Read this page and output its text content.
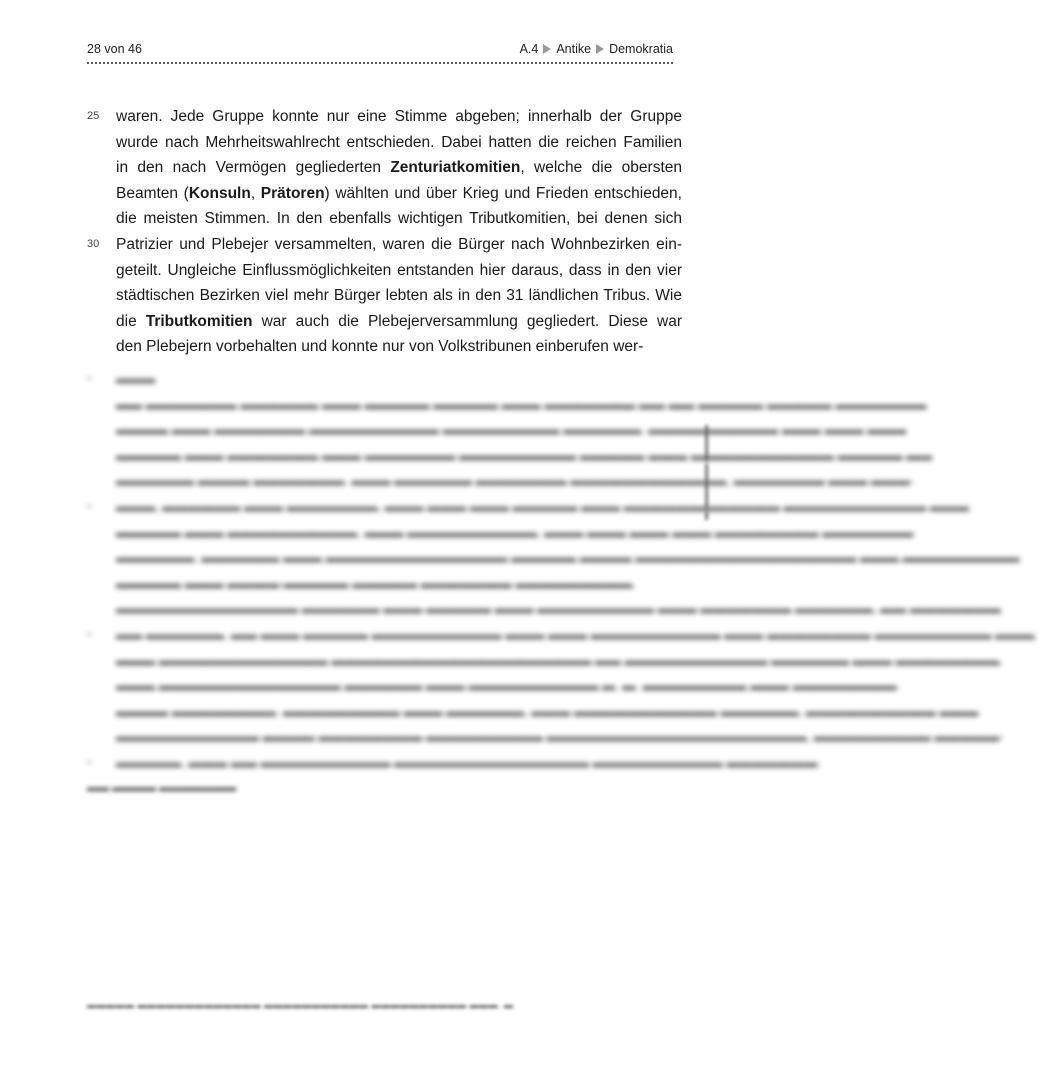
28 von 46	A.4 Antike Demokratia
25 waren. Jede Gruppe konnte nur eine Stimme abgeben; innerhalb der Gruppe
wurde nach Mehrheitswahlrecht entschieden. Dabei hatten die reichen Familien
in den nach Vermögen gegliederten Zenturiatkomitien, welche die obersten
Beamten (Konsuln, Prätoren) wählten und über Krieg und Frieden entschieden,
die meisten Stimmen. In den ebenfalls wichtigen Tributkomitien, bei denen sich
30 Patrizier und Plebejer versammelten, waren die Bürger nach Wohnbezirken ein-
geteilt. Ungleiche Einflussmöglichkeiten entstanden hier daraus, dass in den vier
städtischen Bezirken viel mehr Bürger lebten als in den 31 ländlichen Tribus. Wie
die Tributkomitien war auch die Plebejerversammlung gegliedert. Diese war
den Plebejern vorbehalten und konnte nur von Volkstribunen einberufen wer-
▪ ▬▬▬
▬▬ ▬▬▬▬▬▬▬ ▬▬▬▬▬▬ ▬▬▬ ▬▬▬▬▬ ▬▬▬▬▬ ▬▬▬ ▬▬▬▬▬▬▬ ▬▬ ▬▬ ▬▬▬▬▬ ▬▬▬▬▬ ▬▬▬▬▬▬▬
▬▬▬▬ ▬▬▬ ▬▬▬▬▬▬▬ ▬▬▬▬▬▬▬▬▬▬ ▬▬▬▬▬▬▬▬▬ ▬▬▬▬▬▬. ▬▬▬▬▬▬▬▬▬▬ ▬▬▬ ▬▬▬ ▬▬▬
▬▬▬▬▬ ▬▬▬ ▬▬▬▬▬▬▬ ▬▬▬ ▬▬▬▬▬▬▬ ▬▬▬▬▬▬▬▬▬ ▬▬▬▬▬ ▬▬▬ ▬▬▬▬▬▬▬▬▬▬▬ ▬▬▬▬▬ ▬▬
▬▬▬▬▬▬ ▬▬▬▬ ▬▬▬▬▬▬▬. ▬▬▬ ▬▬▬▬▬▬ ▬▬▬▬▬▬▬ ▬▬▬▬▬▬▬▬▬▬▬▬, ▬▬▬▬▬▬▬ ▬▬▬ ▬▬▬-
▪ ▬▬▬, ▬▬▬▬▬▬ ▬▬▬ ▬▬▬▬▬▬▬, ▬▬▬ ▬▬▬ ▬▬▬ ▬▬▬▬▬ ▬▬▬ ▬▬▬▬▬▬▬▬▬▬▬▬ ▬▬▬▬▬▬▬▬▬▬▬ ▬▬▬
▬▬▬▬▬ ▬▬▬ ▬▬▬▬▬▬▬▬▬▬. ▬▬▬ ▬▬▬▬▬▬▬▬▬▬, ▬▬▬ ▬▬▬ ▬▬▬ ▬▬▬ ▬▬▬▬▬▬▬▬ ▬▬▬▬▬▬▬
▬▬▬▬▬▬, ▬▬▬▬▬▬ ▬▬▬ ▬▬▬▬▬▬▬▬▬▬▬▬▬▬ ▬▬▬▬▬ ▬▬▬▬ ▬▬▬▬▬▬▬▬▬▬▬▬▬▬▬▬▬ ▬▬▬ ▬▬▬▬▬▬▬▬▬
▬▬▬▬▬ ▬▬▬ ▬▬▬▬-▬▬▬▬▬ ▬▬▬▬▬ ▬▬▬▬▬▬▬ ▬▬▬▬▬▬▬▬▬.
▬▬▬▬▬▬▬▬▬▬▬▬▬▬ ▬▬▬▬▬▬ ▬▬▬ ▬▬▬▬▬ ▬▬▬ ▬▬▬▬▬▬▬▬▬ ▬▬▬ ▬▬▬▬▬▬▬ ▬▬▬▬▬▬, ▬▬ ▬▬▬▬▬▬▬
▪ ▬▬ ▬▬▬▬▬▬, ▬▬ ▬▬▬ ▬▬▬▬▬ ▬▬▬▬▬▬▬▬▬▬ ▬▬▬ ▬▬▬ ▬▬▬▬▬▬▬▬▬▬ ▬▬▬ ▬▬▬▬▬▬▬▬ ▬▬▬▬▬▬▬▬▬ ▬▬▬,
▬▬▬ ▬▬▬▬▬▬▬▬▬▬▬▬▬ ▬▬▬▬▬▬▬▬▬▬▬▬▬▬▬▬▬▬▬▬ ▬▬ ▬▬▬▬▬▬▬▬▬▬▬ ▬▬▬▬▬▬ ▬▬▬ ▬▬▬▬▬▬▬▬.
▬▬▬ ▬▬▬▬▬▬▬▬▬▬▬▬▬▬ ▬▬▬▬▬▬ ▬▬▬ ▬▬▬▬▬▬▬▬▬▬ ▬. ▬. ▬▬▬▬▬▬▬▬ ▬▬▬ ▬▬▬▬▬▬▬▬
▬▬▬▬ ▬▬▬▬▬▬▬▬. ▬▬▬▬▬▬▬▬▬ ▬▬▬ ▬▬▬▬▬▬, ▬▬▬ ▬▬▬▬▬▬▬▬▬▬▬ ▬▬▬▬▬▬, ▬▬▬▬▬▬▬▬▬▬ ▬▬▬
▬▬▬▬▬▬▬▬▬▬▬ ▬▬▬▬ ▬▬▬▬▬▬▬▬ ▬▬▬▬▬▬▬▬▬ ▬▬▬▬▬▬▬▬▬▬▬▬▬▬▬▬▬▬▬▬, ▬▬▬▬▬▬▬▬▬ ▬▬▬▬▬-
▪ ▬▬▬▬▬, ▬▬▬ ▬▬ ▬▬▬▬▬▬▬▬▬▬ ▬▬▬▬▬▬▬▬▬▬▬▬▬▬▬ ▬▬▬▬▬▬▬▬▬▬ ▬▬▬▬▬▬▬.
▬▬ ▬▬▬▬ ▬▬▬▬▬▬▬
▬ ▬▬▬▬▬ ▬▬▬▬
▬▬▬▬▬ ▬▬▬▬▬▬▬▬▬▬▬▬▬ ▬▬▬▬▬▬▬▬▬▬▬ ▬▬▬▬▬▬▬▬▬▬ ▬▬▬. ▬
